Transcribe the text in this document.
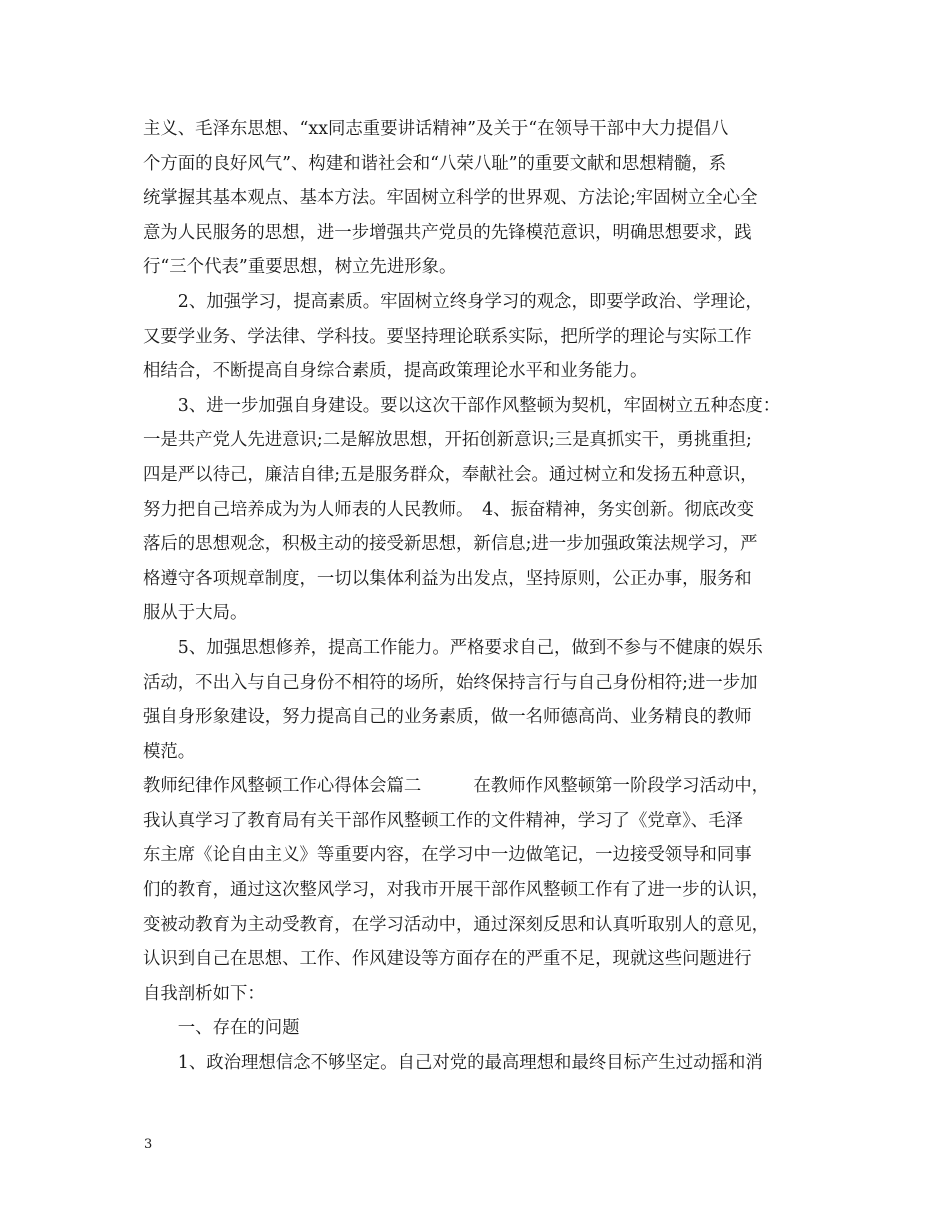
主义、毛泽东思想、“xx同志重要讲话精神”及关于“在领导干部中大力提倡八
个方面的良好风气”、构建和谐社会和“八荣八耻”的重要文献和思想精髓，系
统掌握其基本观点、基本方法。牢固树立科学的世界观、方法论;牢固树立全心全
意为人民服务的思想，进一步增强共产党员的先锋模范意识，明确思想要求，践
行“三个代表”重要思想，树立先进形象。
　　2、加强学习，提高素质。牢固树立终身学习的观念，即要学政治、学理论，
又要学业务、学法律、学科技。要坚持理论联系实际，把所学的理论与实际工作
相结合，不断提高自身综合素质，提高政策理论水平和业务能力。
　　3、进一步加强自身建设。要以这次干部作风整顿为契机，牢固树立五种态度：
一是共产党人先进意识;二是解放思想，开拓创新意识;三是真抓实干，勇挑重担;
四是严以待己，廉洁自律;五是服务群众，奉献社会。通过树立和发扬五种意识，
努力把自己培养成为为人师表的人民教师。　4、振奋精神，务实创新。彻底改变
落后的思想观念，积极主动的接受新思想，新信息;进一步加强政策法规学习，严
格遵守各项规章制度，一切以集体利益为出发点，坚持原则，公正办事，服务和
服从于大局。
　　5、加强思想修养，提高工作能力。严格要求自己，做到不参与不健康的娱乐
活动，不出入与自己身份不相符的场所，始终保持言行与自己身份相符;进一步加
强自身形象建设，努力提高自己的业务素质，做一名师德高尚、业务精良的教师
模范。
教师纪律作风整顿工作心得体会篇二　　　在教师作风整顿第一阶段学习活动中，
我认真学习了教育局有关干部作风整顿工作的文件精神，学习了《党章》、毛泽
东主席《论自由主义》等重要内容，在学习中一边做笔记，一边接受领导和同事
们的教育，通过这次整风学习，对我市开展干部作风整顿工作有了进一步的认识，
变被动教育为主动受教育，在学习活动中，通过深刻反思和认真听取别人的意见，
认识到自己在思想、工作、作风建设等方面存在的严重不足，现就这些问题进行
自我剖析如下：
　　一、存在的问题
　　1、政治理想信念不够坚定。自己对党的最高理想和最终目标产生过动摇和消
3
